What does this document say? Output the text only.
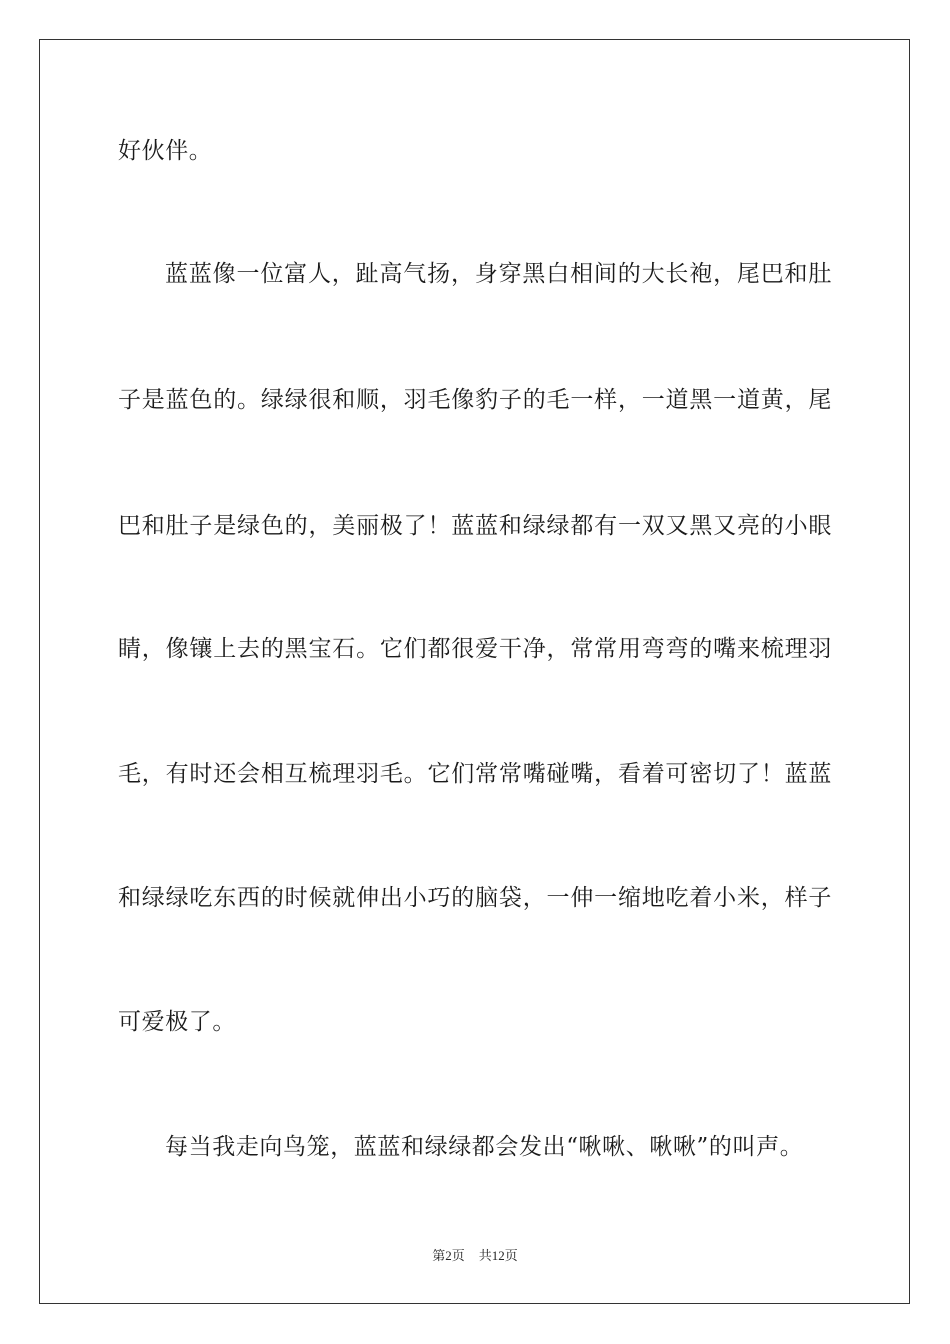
好伙伴。
蓝蓝像一位富人，趾高气扬，身穿黑白相间的大长袍，尾巴和肚
子是蓝色的。绿绿很和顺，羽毛像豹子的毛一样，一道黑一道黄，尾
巴和肚子是绿色的，美丽极了！蓝蓝和绿绿都有一双又黑又亮的小眼
睛，像镶上去的黑宝石。它们都很爱干净，常常用弯弯的嘴来梳理羽
毛，有时还会相互梳理羽毛。它们常常嘴碰嘴，看着可密切了！蓝蓝
和绿绿吃东西的时候就伸出小巧的脑袋，一伸一缩地吃着小米，样子
可爱极了。
每当我走向鸟笼，蓝蓝和绿绿都会发出“啾啾、啾啾”的叫声。
第2页 共12页
